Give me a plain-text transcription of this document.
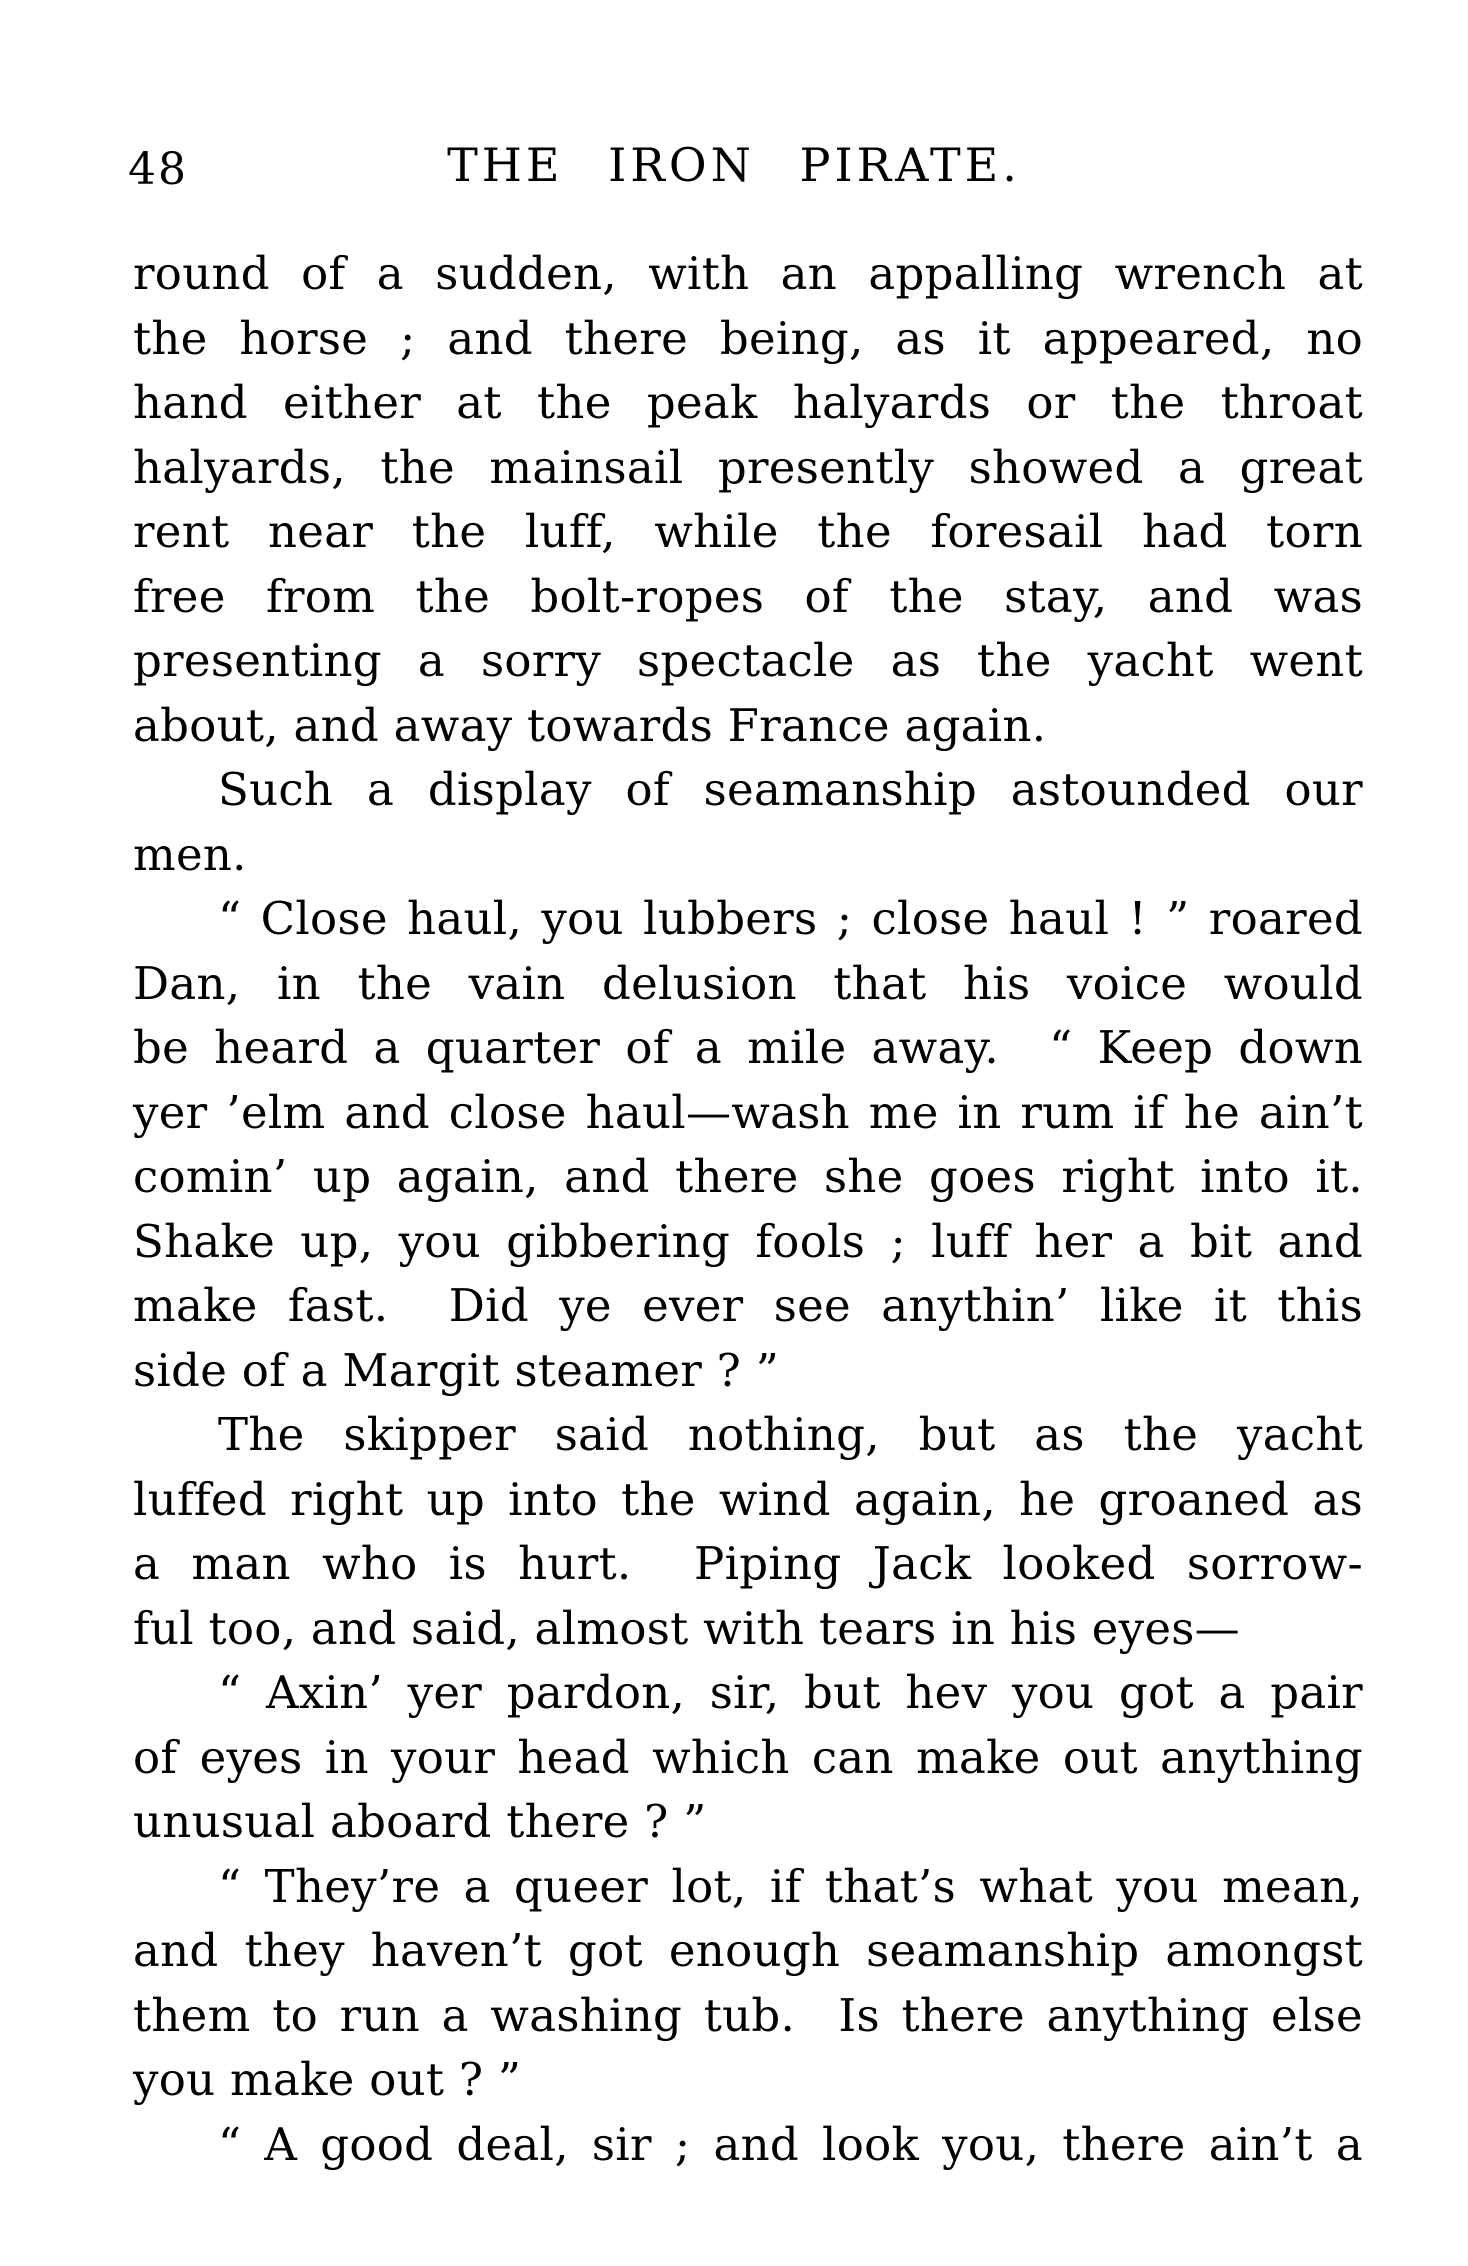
48	THE IRON PIRATE.
round of a sudden, with an appalling wrench at
the horse ; and there being, as it appeared, no
hand either at the peak halyards or the throat
halyards, the mainsail presently showed a great
rent near the luff, while the foresail had torn
free from the bolt-ropes of the stay, and was
presenting a sorry spectacle as the yacht went
about, and away towards France again.
Such a display of seamanship astounded our
men.
“ Close haul, you lubbers ; close haul ! ” roared
Dan, in the vain delusion that his voice would
be heard a quarter of a mile away.  “ Keep down
yer ’elm and close haul—wash me in rum if he ain’t
comin’ up again, and there she goes right into it.
Shake up, you gibbering fools ; luff her a bit and
make fast.  Did ye ever see anythin’ like it this
side of a Margit steamer ? ”
The skipper said nothing, but as the yacht
luffed right up into the wind again, he groaned as
a man who is hurt.  Piping Jack looked sorrow-
ful too, and said, almost with tears in his eyes—
“ Axin’ yer pardon, sir, but hev you got a pair
of eyes in your head which can make out anything
unusual aboard there ? ”
“ They’re a queer lot, if that’s what you mean,
and they haven’t got enough seamanship amongst
them to run a washing tub.  Is there anything else
you make out ? ”
“ A good deal, sir ; and look you, there ain’t a
